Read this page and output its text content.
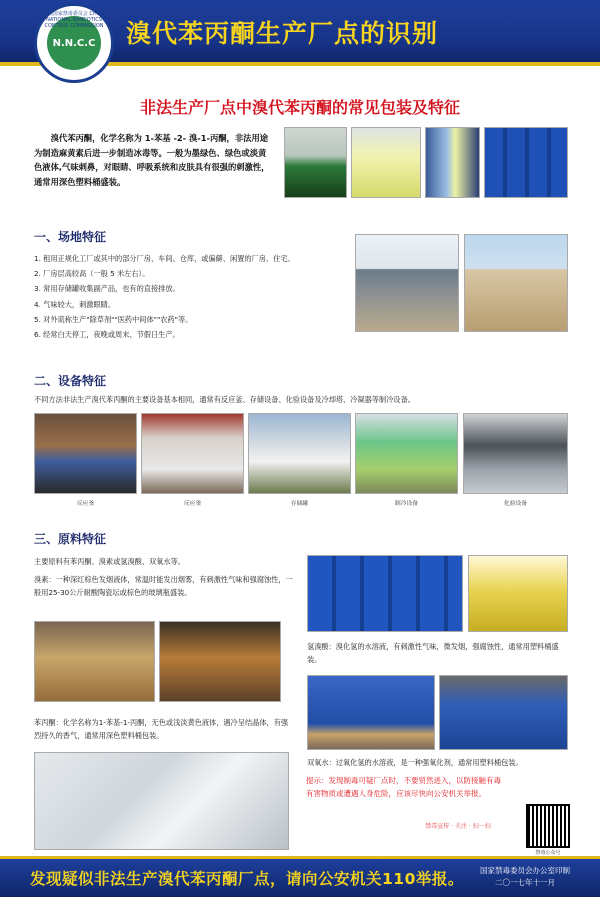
溴代苯丙酮生产厂点的识别
中国国家禁毒委员会 CHINA NATIONAL NARCOTICS CONTROL COMMISSION
N.N.C.C
非法生产厂点中溴代苯丙酮的常见包装及特征

溴代苯丙酮，化学名称为 1-苯基 -2- 溴-1-丙酮，非法用途为制造麻黄素后进一步制造冰毒等。一般为墨绿色、绿色或淡黄色液体,气味刺鼻，对眼睛、呼吸系统和皮肤具有很强的刺激性，通常用深色塑料桶盛装。

一、场地特征
1. 租用正规化工厂或其中的部分厂房、车间、仓库，或偏僻、闲置的厂房、住宅。
2. 厂房层高较高（一般 5 米左右）。
3. 常用存储罐收集副产品，也有的直接排放。
4. 气味较大，刺激眼睛。
5. 对外谎称生产"除草剂""医药中间体""农药"等。
6. 经常白天停工，夜晚或周末、节假日生产。
二、设备特征
不同方法非法生产溴代苯丙酮的主要设备基本相同，通常有反应釜、存储设备、化验设备及冷却塔、冷凝器等制冷设备。
反应釜	反应釜	存储罐	制冷设备	化验设备
三、原料特征
主要原料有苯丙酮、溴素或氢溴酸、双氧水等。
溴素：一种深红棕色发烟液体，常温时能发出烟雾，有刺激性气味和强腐蚀性，一般用25-30公斤耐酸陶瓷坛或棕色的玻璃瓶盛装。
氢溴酸：溴化氢的水溶液，有刺激性气味，微发烟，强腐蚀性，通常用塑料桶盛装。
苯丙酮：化学名称为1-苯基-1-丙酮，无色或浅淡黄色液体，遇冷呈结晶体，有强烈持久的香气，通常用深色塑料桶包装。
双氧水：过氧化氢的水溶液，是一种强氧化剂，通常用塑料桶包装。
提示：发现制毒可疑厂点时，不要贸然进入，以防接触有毒有害物质或遭遇人身危险，应该尽快向公安机关举报。
禁毒宣传 · 关注 · 扫一扫
禁毒公众号
发现疑似非法生产溴代苯丙酮厂点，请向公安机关110举报。 国家禁毒委员会办公室印制
二〇一七年十一月
